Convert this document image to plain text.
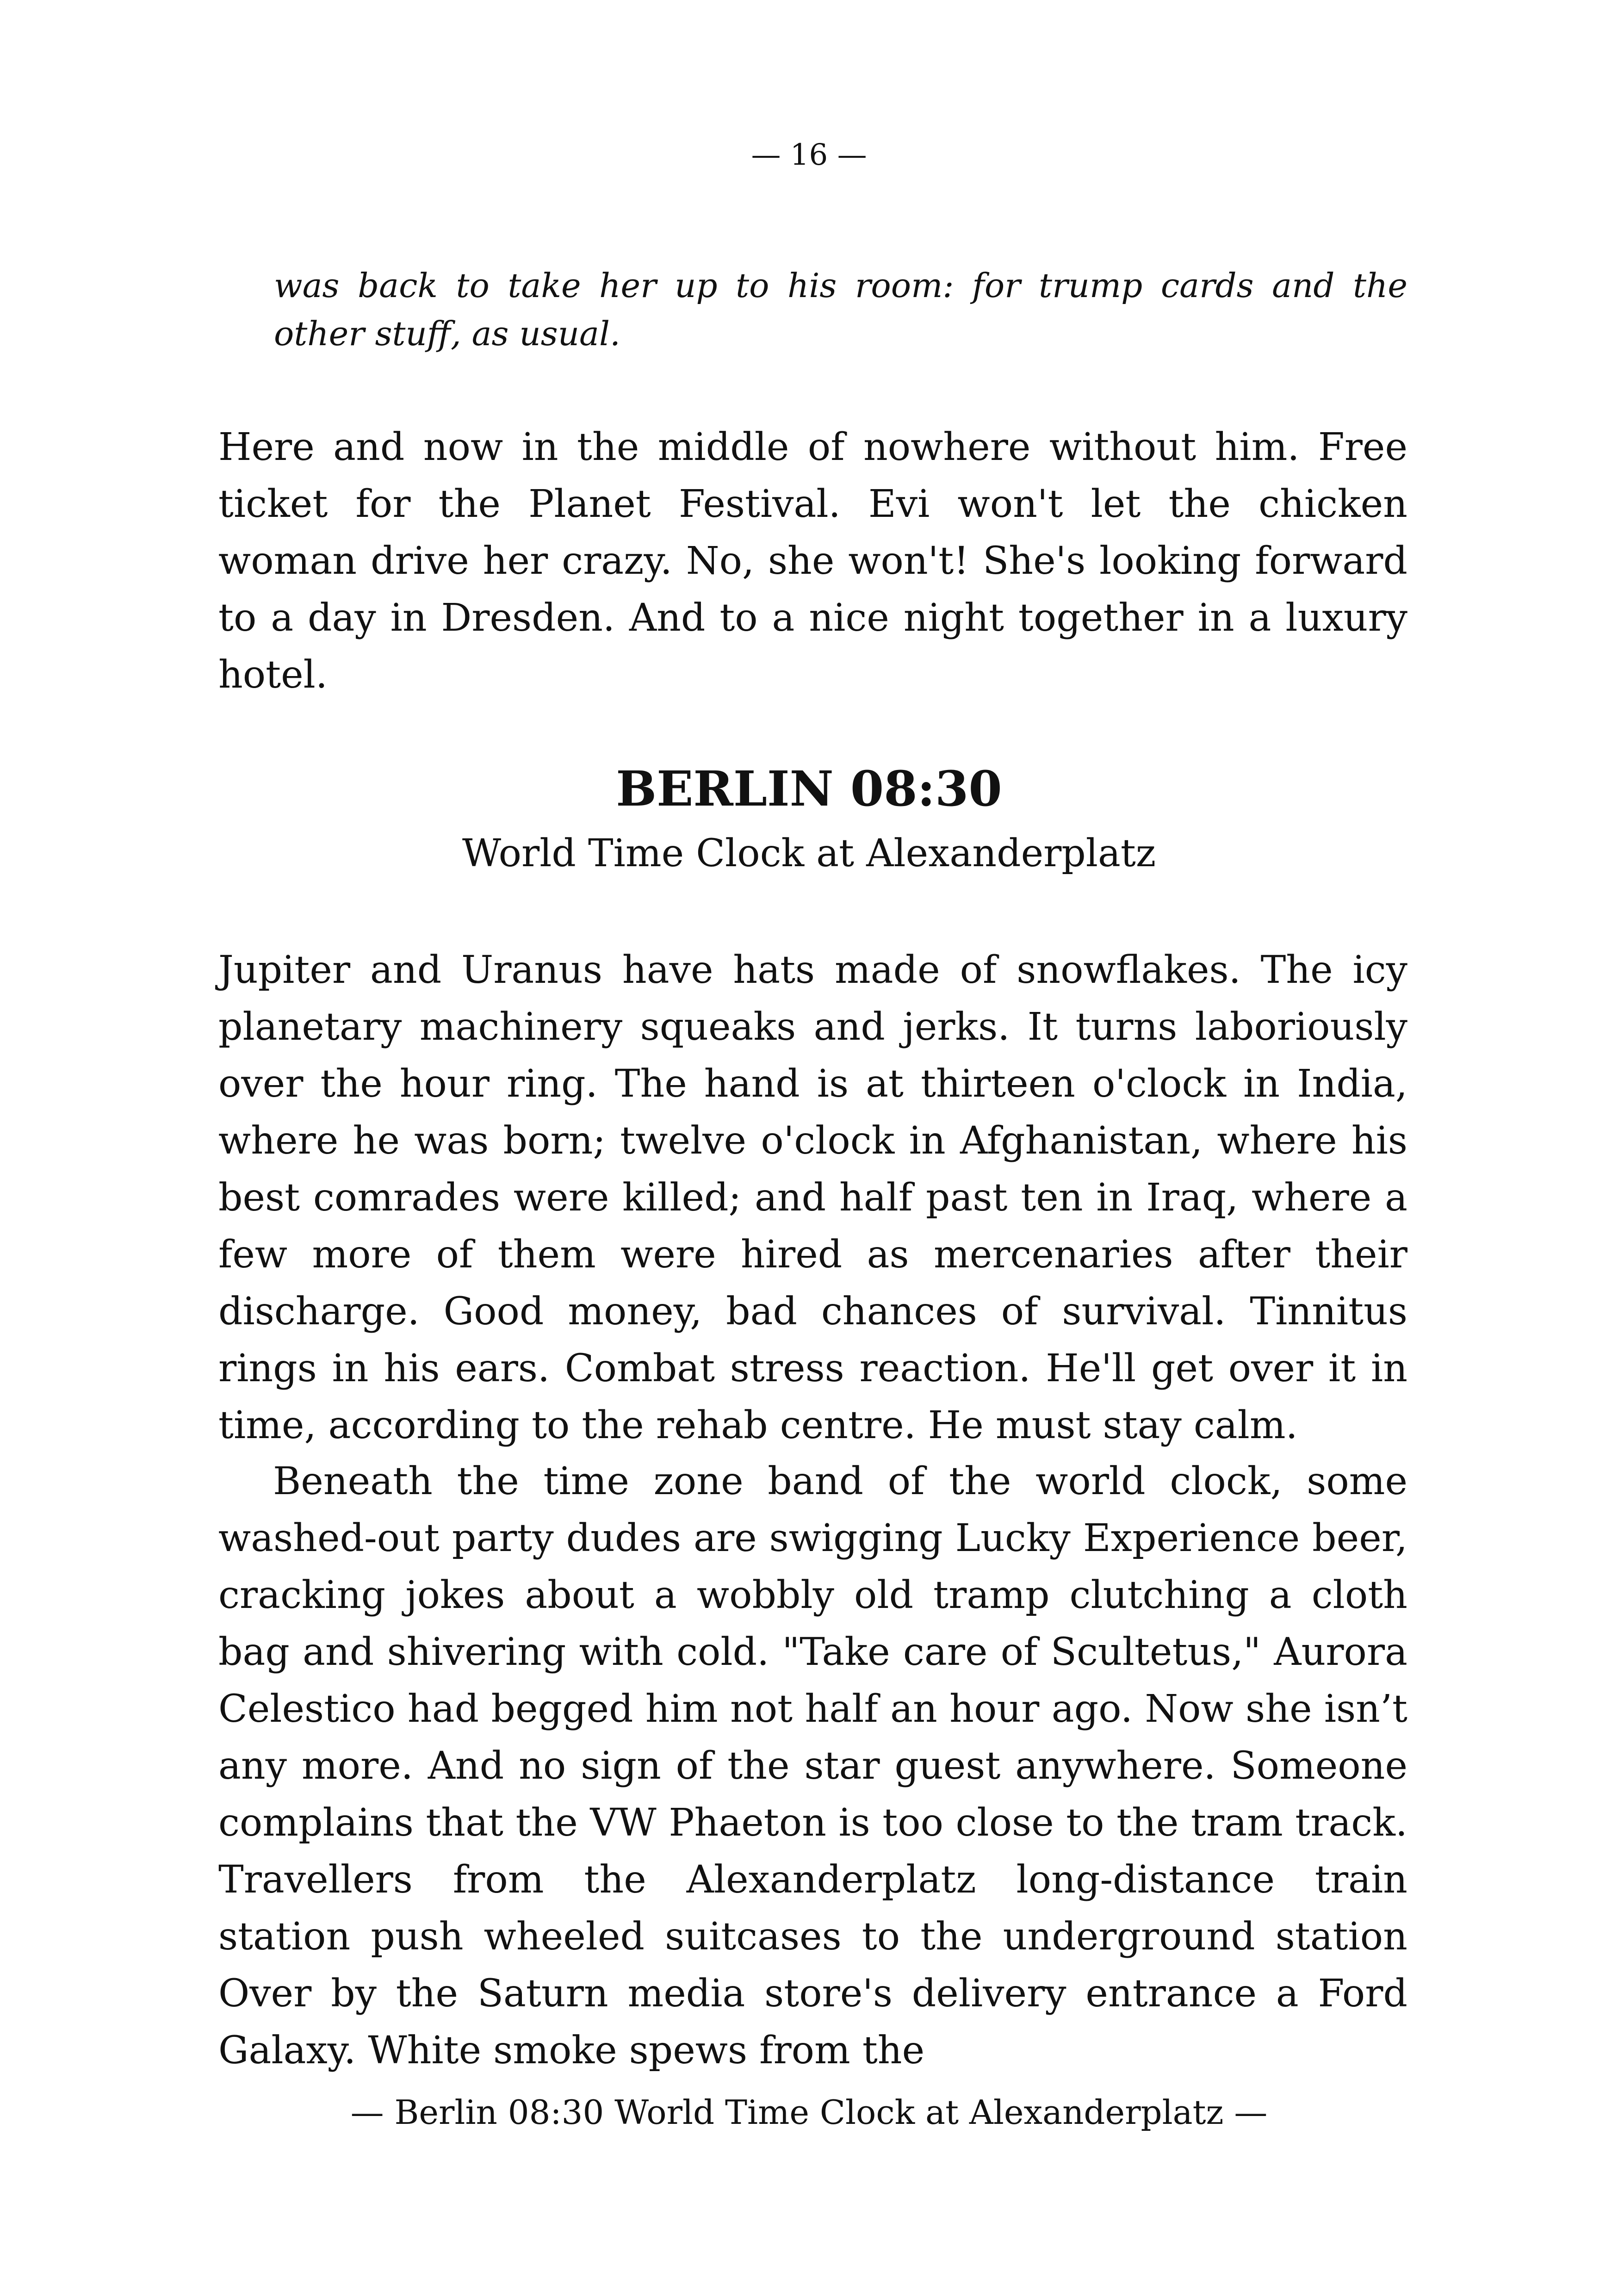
— 16 —
was back to take her up to his room: for trump cards and the other stuff, as usual.

Here and now in the middle of nowhere without him. Free ticket for the Planet Festival. Evi won't let the chicken woman drive her crazy. No, she won't! She's looking forward to a day in Dresden. And to a nice night together in a luxury hotel.

BERLIN 08:30
World Time Clock at Alexanderplatz

Jupiter and Uranus have hats made of snowflakes. The icy planetary machinery squeaks and jerks. It turns laboriously over the hour ring. The hand is at thirteen o'clock in India, where he was born; twelve o'clock in Afghanistan, where his best comrades were killed; and half past ten in Iraq, where a few more of them were hired as mercenaries after their discharge. Good money, bad chances of survival. Tinnitus rings in his ears. Combat stress reaction. He'll get over it in time, according to the rehab centre. He must stay calm.

Beneath the time zone band of the world clock, some washed-out party dudes are swigging Lucky Experience beer, cracking jokes about a wobbly old tramp clutching a cloth bag and shivering with cold. "Take care of Scultetus," Aurora Celestico had begged him not half an hour ago. Now she isn’t any more. And no sign of the star guest anywhere. Someone complains that the VW Phaeton is too close to the tram track. Travellers from the Alexanderplatz long-distance train station push wheeled suitcases to the underground station Over by the Saturn media store's delivery entrance a Ford Galaxy. White smoke spews from the

— Berlin 08:30 World Time Clock at Alexanderplatz —
